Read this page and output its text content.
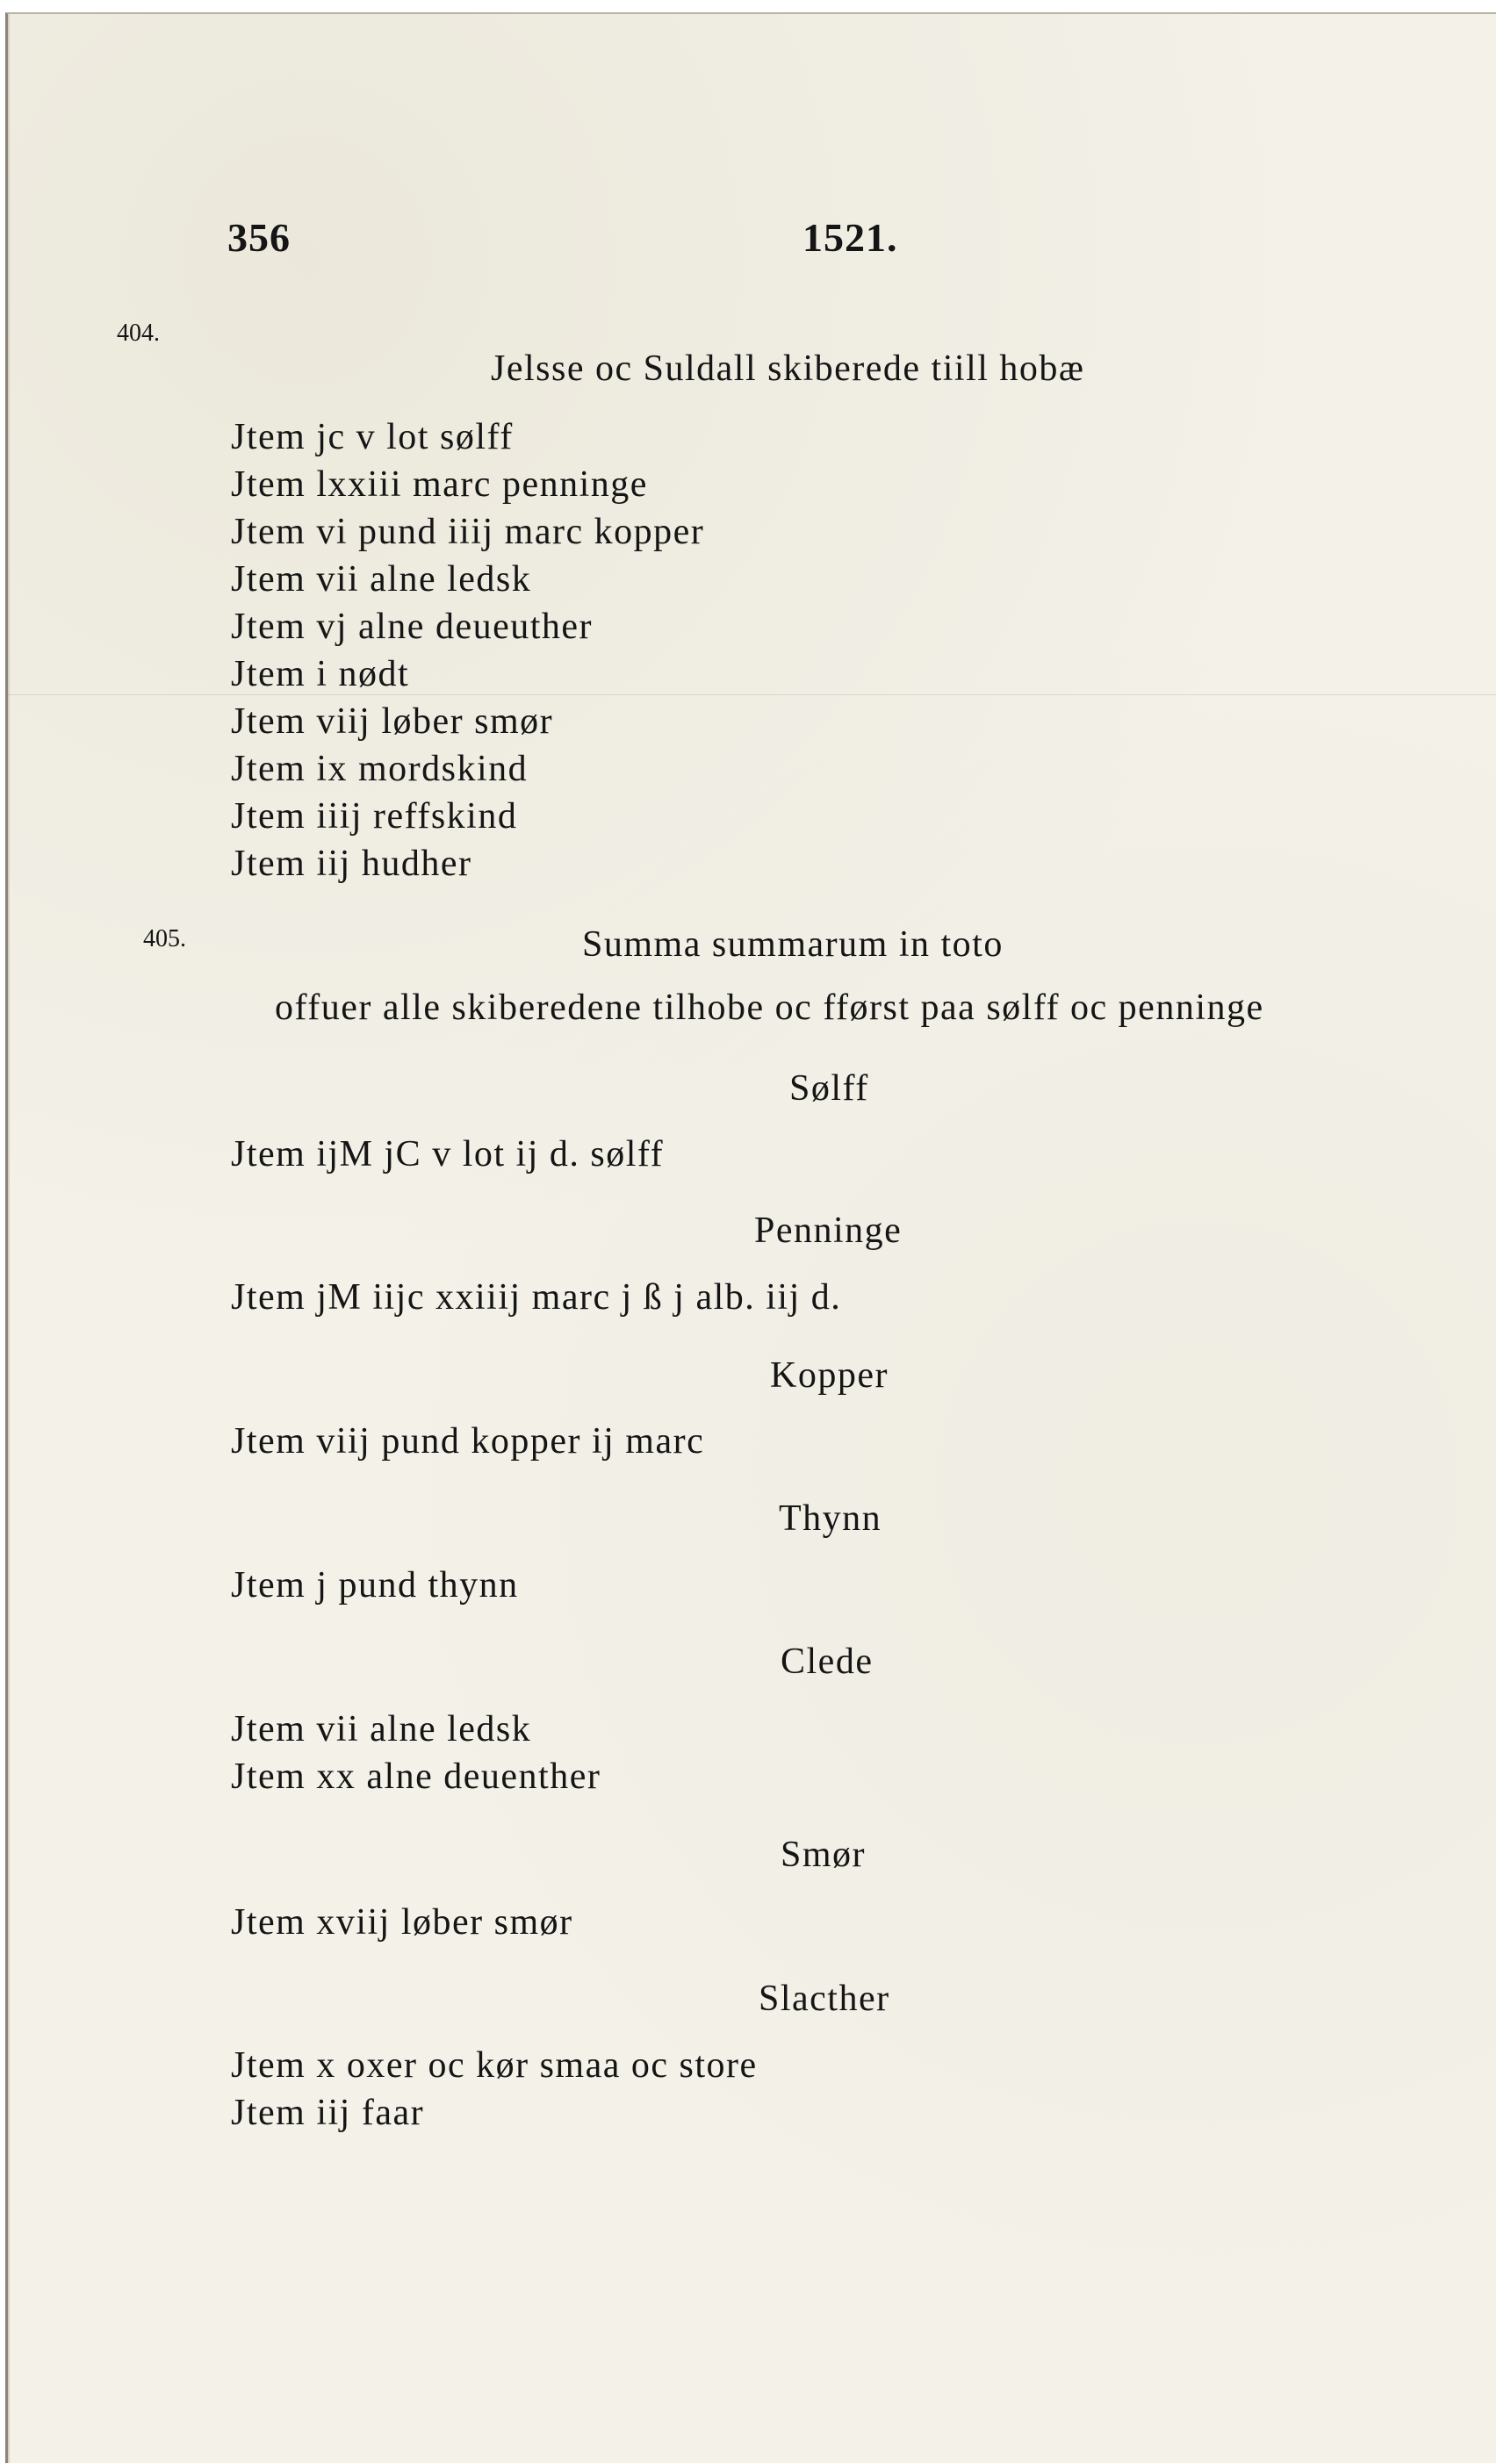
356	1521.
404.
Jelsse oc Suldall skiberede tiill hobæ
Jtem jc v lot sølff
Jtem lxxiii marc penninge
Jtem vi pund iiij marc kopper
Jtem vii alne ledsk
Jtem vj alne deueuther
Jtem i nødt
Jtem viij løber smør
Jtem ix mordskind
Jtem iiij reffskind
Jtem iij hudher
405.	Summa summarum in toto
offuer alle skiberedene tilhobe oc fførst paa sølff oc penninge
Sølff
Jtem ijM jC v lot ij d. sølff
Penninge
Jtem jM iijc xxiiij marc j ß j alb. iij d.
Kopper
Jtem viij pund kopper ij marc
Thynn
Jtem j pund thynn
Clede
Jtem vii alne ledsk
Jtem xx alne deuenther
Smør
Jtem xviij løber smør
Slacther
Jtem x oxer oc kør smaa oc store
Jtem iij faar
